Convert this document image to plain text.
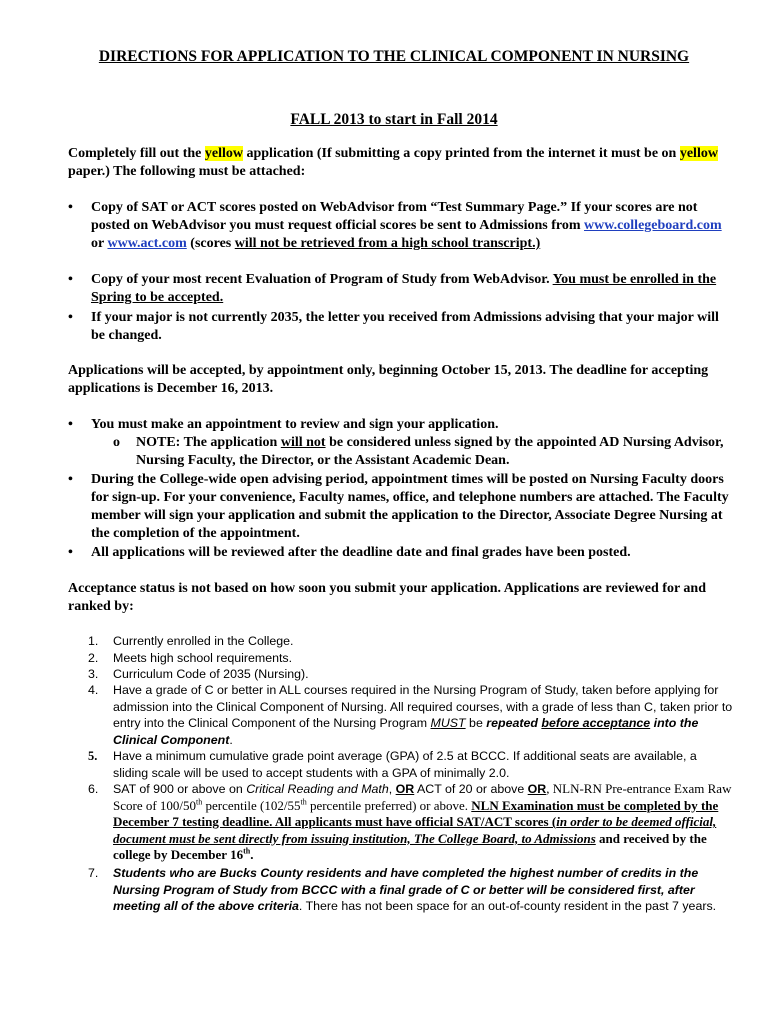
DIRECTIONS FOR APPLICATION TO THE CLINICAL COMPONENT IN NURSING
FALL 2013 to start in Fall 2014
Completely fill out the yellow application (If submitting a copy printed from the internet it must be on yellow paper.) The following must be attached:
•	Copy of SAT or ACT scores posted on WebAdvisor from “Test Summary Page.” If your scores are not posted on WebAdvisor you must request official scores be sent to Admissions from www.collegeboard.com or www.act.com (scores will not be retrieved from a high school transcript.)
•	Copy of your most recent Evaluation of Program of Study from WebAdvisor. You must be enrolled in the Spring to be accepted.
•	If your major is not currently 2035, the letter you received from Admissions advising that your major will be changed.
Applications will be accepted, by appointment only, beginning October 15, 2013. The deadline for accepting applications is December 16, 2013.
•	You must make an appointment to review and sign your application.
o	NOTE: The application will not be considered unless signed by the appointed AD Nursing Advisor, Nursing Faculty, the Director, or the Assistant Academic Dean.
•	During the College-wide open advising period, appointment times will be posted on Nursing Faculty doors for sign-up. For your convenience, Faculty names, office, and telephone numbers are attached. The Faculty member will sign your application and submit the application to the Director, Associate Degree Nursing at the completion of the appointment.
•	All applications will be reviewed after the deadline date and final grades have been posted.
Acceptance status is not based on how soon you submit your application. Applications are reviewed for and ranked by:
1.	Currently enrolled in the College.
2.	Meets high school requirements.
3.	Curriculum Code of 2035 (Nursing).
4.	Have a grade of C or better in ALL courses required in the Nursing Program of Study, taken before applying for admission into the Clinical Component of Nursing. All required courses, with a grade of less than C, taken prior to entry into the Clinical Component of the Nursing Program MUST be repeated before acceptance into the Clinical Component.
5.	Have a minimum cumulative grade point average (GPA) of 2.5 at BCCC. If additional seats are available, a sliding scale will be used to accept students with a GPA of minimally 2.0.
6.	SAT of 900 or above on Critical Reading and Math, OR ACT of 20 or above OR, NLN-RN Pre-entrance Exam Raw Score of 100/50th percentile (102/55th percentile preferred) or above. NLN Examination must be completed by the December 7 testing deadline. All applicants must have official SAT/ACT scores (in order to be deemed official, document must be sent directly from issuing institution, The College Board, to Admissions and received by the college by December 16th.
7.	Students who are Bucks County residents and have completed the highest number of credits in the Nursing Program of Study from BCCC with a final grade of C or better will be considered first, after meeting all of the above criteria. There has not been space for an out-of-county resident in the past 7 years.
